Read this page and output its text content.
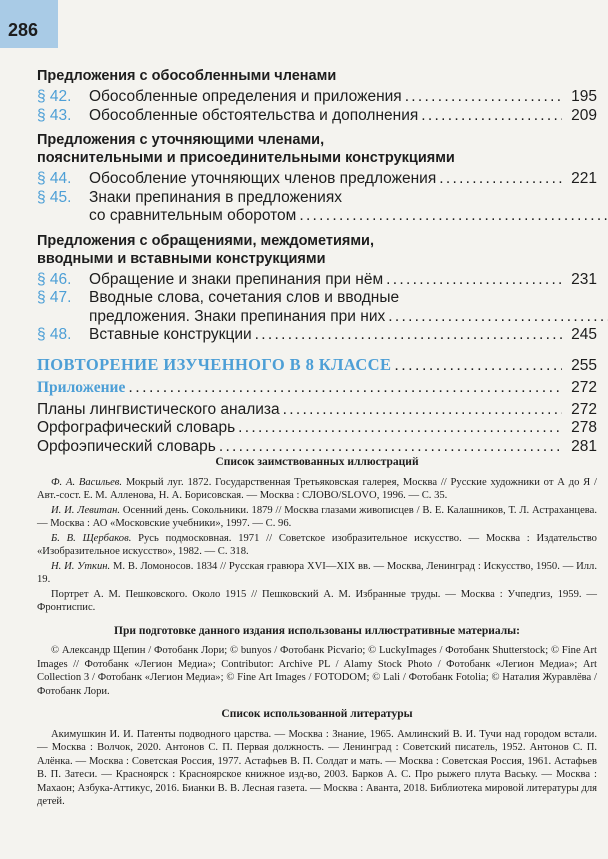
286
Предложения с обособленными членами
§ 42.	Обособленные определения и приложения . . .	195
§ 43.	Обособленные обстоятельства и дополнения . . .	209
Предложения с уточняющими членами,
пояснительными и присоединительными конструкциями
§ 44.	Обособление уточняющих членов предложения . . .	221
§ 45.	Знаки препинания в предложениях
со сравнительным оборотом
. . .
Предложения с обращениями, междометиями,
вводными и вставными конструкциями
§ 46.	Обращение и знаки препинания при нём . . .	231
§ 47.	Вводные слова, сочетания слов и вводные
предложения. Знаки препинания при них
. . .
§ 48.	Вставные конструкции . . .	245
ПОВТОРЕНИЕ ИЗУЧЕННОГО В 8 КЛАССЕ . . .	255
Приложение . . .	272
Планы лингвистического анализа . . .	272
Орфографический словарь . . .	278
Орфоэпический словарь . . .	281
Список заимствованных иллюстраций

Ф. А. Васильев. Мокрый луг. 1872. Государственная Третьяковская галерея, Москва // Русские художники от А до Я / Авт.-сост. Е. М. Алленова, Н. А. Борисовская. — Москва : СЛОВО/SLOVO, 1996. — С. 35.

И. И. Левитан. Осенний день. Сокольники. 1879 // Москва глазами живописцев / В. Е. Калашников, Т. Л. Астраханцева. — Москва : АО «Московские учебники», 1997. — С. 96.

Б. В. Щербаков. Русь подмосковная. 1971 // Советское изобразительное искусство. — Москва : Издательство «Изобразительное искусство», 1982. — С. 318.

Н. И. Уткин. М. В. Ломоносов. 1834 // Русская гравюра XVI—XIX вв. — Москва, Ленинград : Искусство, 1950. — Илл. 19.

Портрет А. М. Пешковского. Около 1915 // Пешковский А. М. Избранные труды. — Москва : Учпедгиз, 1959. — Фронтиспис.

При подготовке данного издания использованы иллюстративные материалы:

© Александр Щепин / Фотобанк Лори; © bunyos / Фотобанк Picvario; © LuckyImages / Фотобанк Shutterstock; © Fine Art Images // Фотобанк «Легион Медиа»; Contributor: Archive PL / Alamy Stock Photo / Фотобанк «Легион Медиа»; Art Collection 3 / Фотобанк «Легион Медиа»; © Fine Art Images / FOTODOM; © Lali / Фотобанк Fotolia; © Наталия Журавлёва / Фотобанк Лори.

Список использованной литературы

Акимушкин И. И. Патенты подводного царства. — Москва : Знание, 1965. Амлинский В. И. Тучи над городом встали. — Москва : Волчок, 2020. Антонов С. П. Первая должность. — Ленинград : Советский писатель, 1952. Антонов С. П. Алёнка. — Москва : Советская Россия, 1977. Астафьев В. П. Солдат и мать. — Москва : Советская Россия, 1961. Астафьев В. П. Затеси. — Красноярск : Красноярское книжное изд-во, 2003. Барков А. С. Про рыжего плута Ваську. — Москва : Махаон; Азбука-Аттикус, 2016. Бианки В. В. Лесная газета. — Москва : Аванта, 2018. Библиотека мировой литературы для детей.
